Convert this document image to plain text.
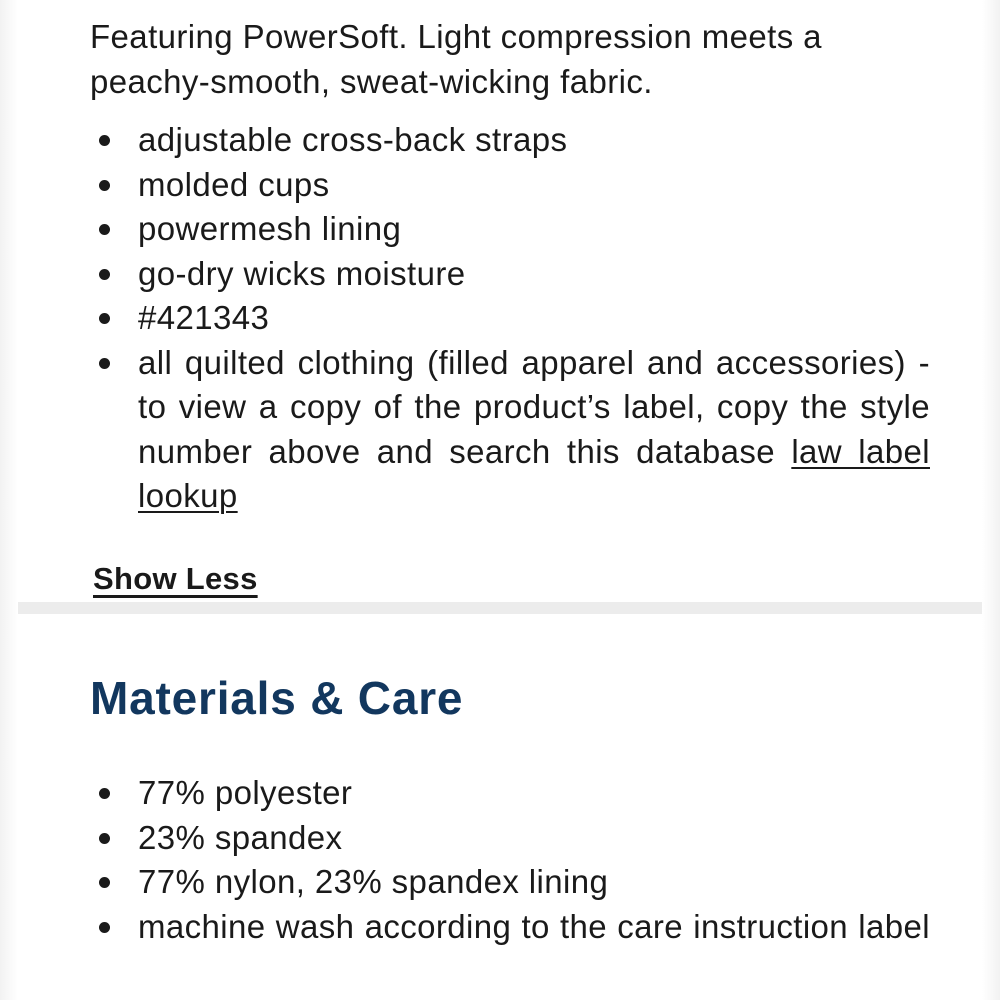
Featuring PowerSoft. Light compression meets a peachy-smooth, sweat-wicking fabric.

adjustable cross-back straps
molded cups
powermesh lining
go-dry wicks moisture
#421343
all quilted clothing (filled apparel and accessories) - to view a copy of the product’s label, copy the style number above and search this database law label lookup
Show Less
Materials & Care
77% polyester
23% spandex
77% nylon, 23% spandex lining
machine wash according to the care instruction label
